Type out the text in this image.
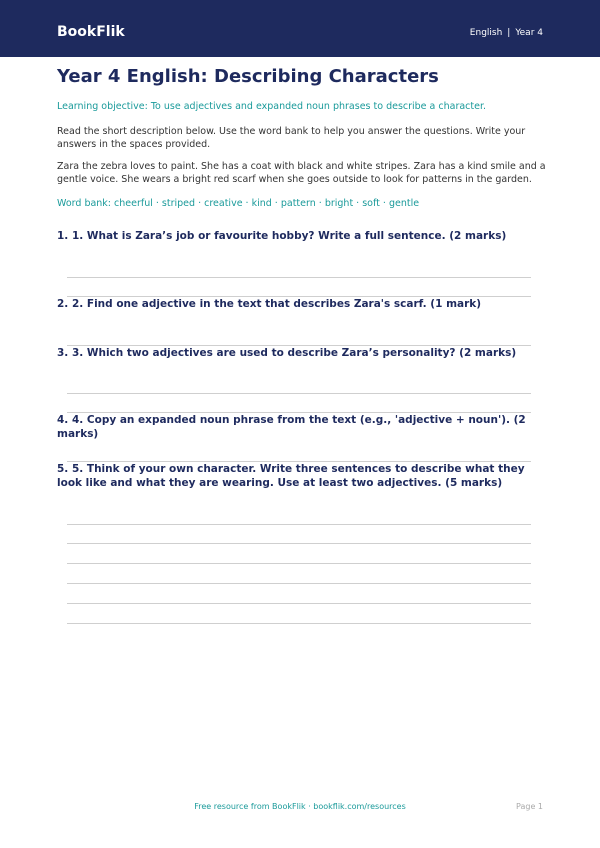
BookFlik	English | Year 4
Year 4 English: Describing Characters

Learning objective: To use adjectives and expanded noun phrases to describe a character.

Read the short description below. Use the word bank to help you answer the questions. Write your answers in the spaces provided.

Zara the zebra loves to paint. She has a coat with black and white stripes. Zara has a kind smile and a gentle voice. She wears a bright red scarf when she goes outside to look for patterns in the garden.

Word bank: cheerful · striped · creative · kind · pattern · bright · soft · gentle

1. 1. What is Zara’s job or favourite hobby? Write a full sentence. (2 marks)
2. 2. Find one adjective in the text that describes Zara's scarf. (1 mark)
3. 3. Which two adjectives are used to describe Zara’s personality? (2 marks)
4. 4. Copy an expanded noun phrase from the text (e.g., 'adjective + noun'). (2 marks)
5. 5. Think of your own character. Write three sentences to describe what they look like and what they are wearing. Use at least two adjectives. (5 marks)
Free resource from BookFlik · bookflik.com/resources	Page 1
